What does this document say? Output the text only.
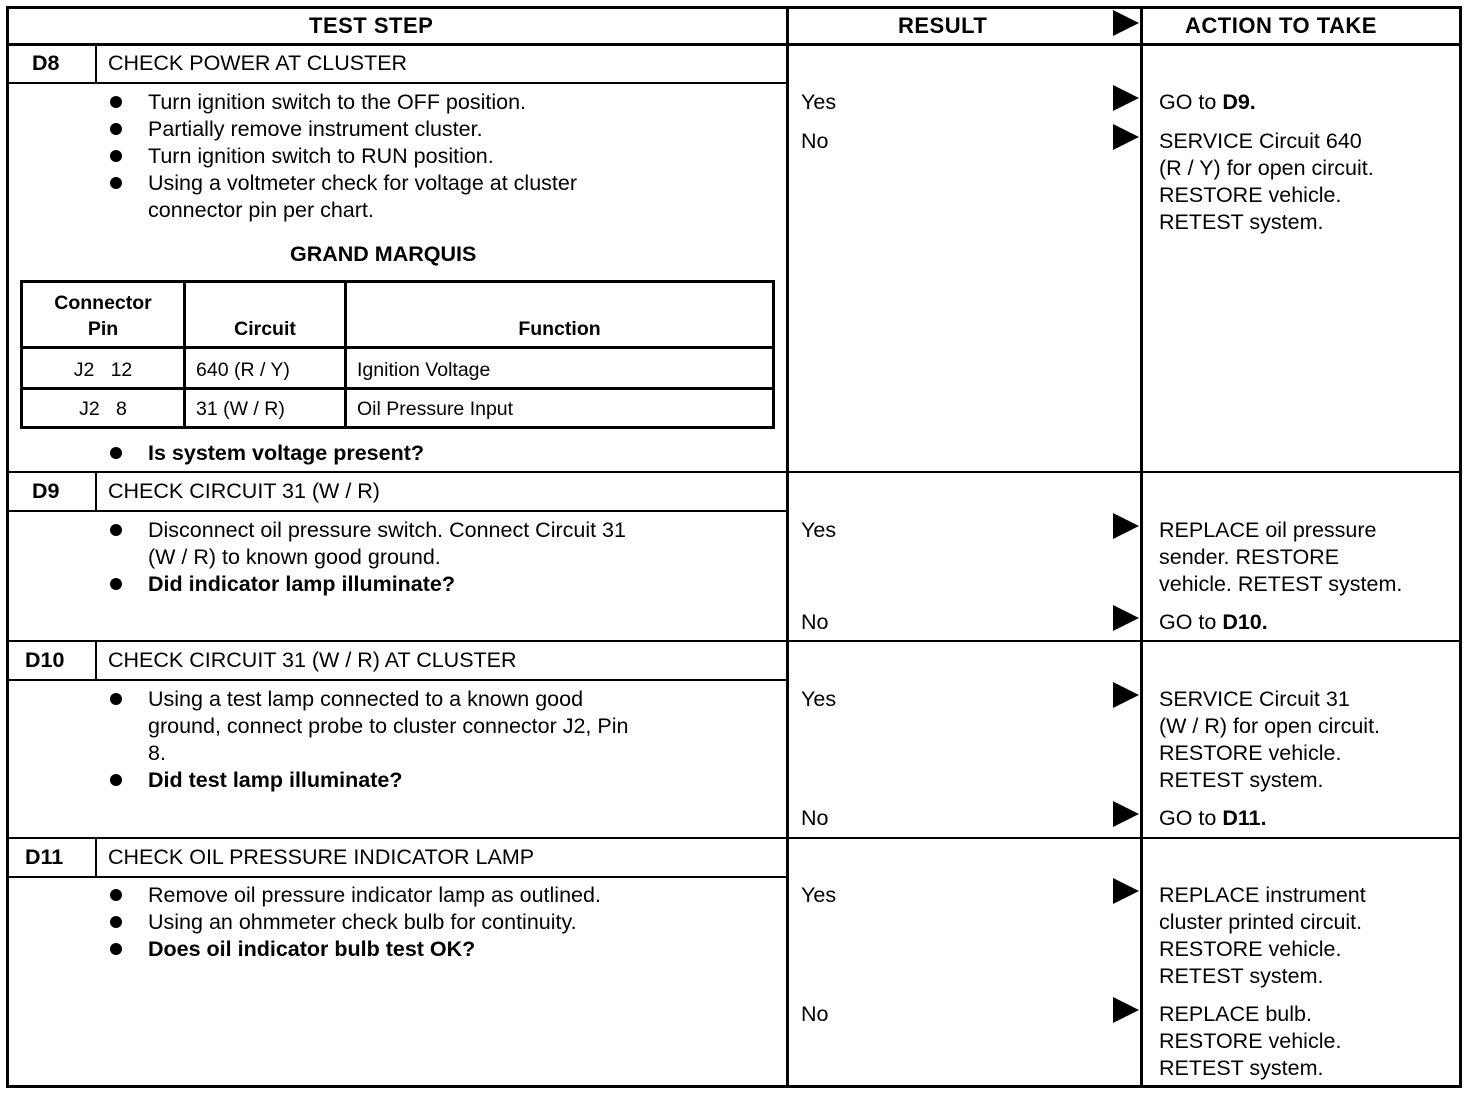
TEST STEP	RESULT	ACTION TO TAKE
D8 CHECK POWER AT CLUSTER
Turn ignition switch to the OFF position.
Partially remove instrument cluster.
Turn ignition switch to RUN position.
Using a voltmeter check for voltage at cluster
connector pin per chart.
GRAND MARQUIS
Connector
Pin	Circuit	Function
J2   12	640 (R / Y)	Ignition Voltage
J2   8	31 (W / R)	Oil Pressure Input
Is system voltage present?
Yes	GO to D9.
No	SERVICE Circuit 640
(R / Y) for open circuit.
RESTORE vehicle.
RETEST system.
D9 CHECK CIRCUIT 31 (W / R)
Disconnect oil pressure switch. Connect Circuit 31
(W / R) to known good ground.
Did indicator lamp illuminate?
Yes	REPLACE oil pressure
sender. RESTORE
vehicle. RETEST system.
No	GO to D10.
D10 CHECK CIRCUIT 31 (W / R) AT CLUSTER
Using a test lamp connected to a known good
ground, connect probe to cluster connector J2, Pin
8.
Did test lamp illuminate?
Yes	SERVICE Circuit 31
(W / R) for open circuit.
RESTORE vehicle.
RETEST system.
No	GO to D11.
D11 CHECK OIL PRESSURE INDICATOR LAMP
Remove oil pressure indicator lamp as outlined.
Using an ohmmeter check bulb for continuity.
Does oil indicator bulb test OK?
Yes	REPLACE instrument
cluster printed circuit.
RESTORE vehicle.
RETEST system.
No	REPLACE bulb.
RESTORE vehicle.
RETEST system.
